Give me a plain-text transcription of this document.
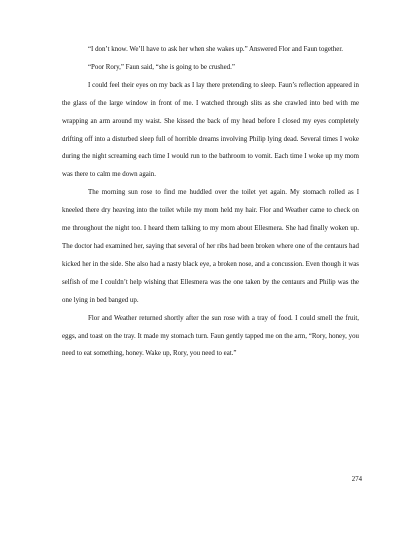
“I don’t know. We’ll have to ask her when she wakes up.” Answered Flor and Faun together.

“Poor Rory,” Faun said, “she is going to be crushed.”

I could feel their eyes on my back as I lay there pretending to sleep. Faun’s reflection appeared in the glass of the large window in front of me. I watched through slits as she crawled into bed with me wrapping an arm around my waist. She kissed the back of my head before I closed my eyes completely drifting off into a disturbed sleep full of horrible dreams involving Philip lying dead. Several times I woke during the night screaming each time I would run to the bathroom to vomit. Each time I woke up my mom was there to calm me down again.

The morning sun rose to find me huddled over the toilet yet again. My stomach rolled as I kneeled there dry heaving into the toilet while my mom held my hair. Flor and Weather came to check on me throughout the night too. I heard them talking to my mom about Ellesmera. She had finally woken up. The doctor had examined her, saying that several of her ribs had been broken where one of the centaurs had kicked her in the side. She also had a nasty black eye, a broken nose, and a concussion. Even though it was selfish of me I couldn’t help wishing that Ellesmera was the one taken by the centaurs and Philip was the one lying in bed banged up.

Flor and Weather returned shortly after the sun rose with a tray of food. I could smell the fruit, eggs, and toast on the tray. It made my stomach turn. Faun gently tapped me on the arm, “Rory, honey, you need to eat something, honey. Wake up, Rory, you need to eat.”

274
